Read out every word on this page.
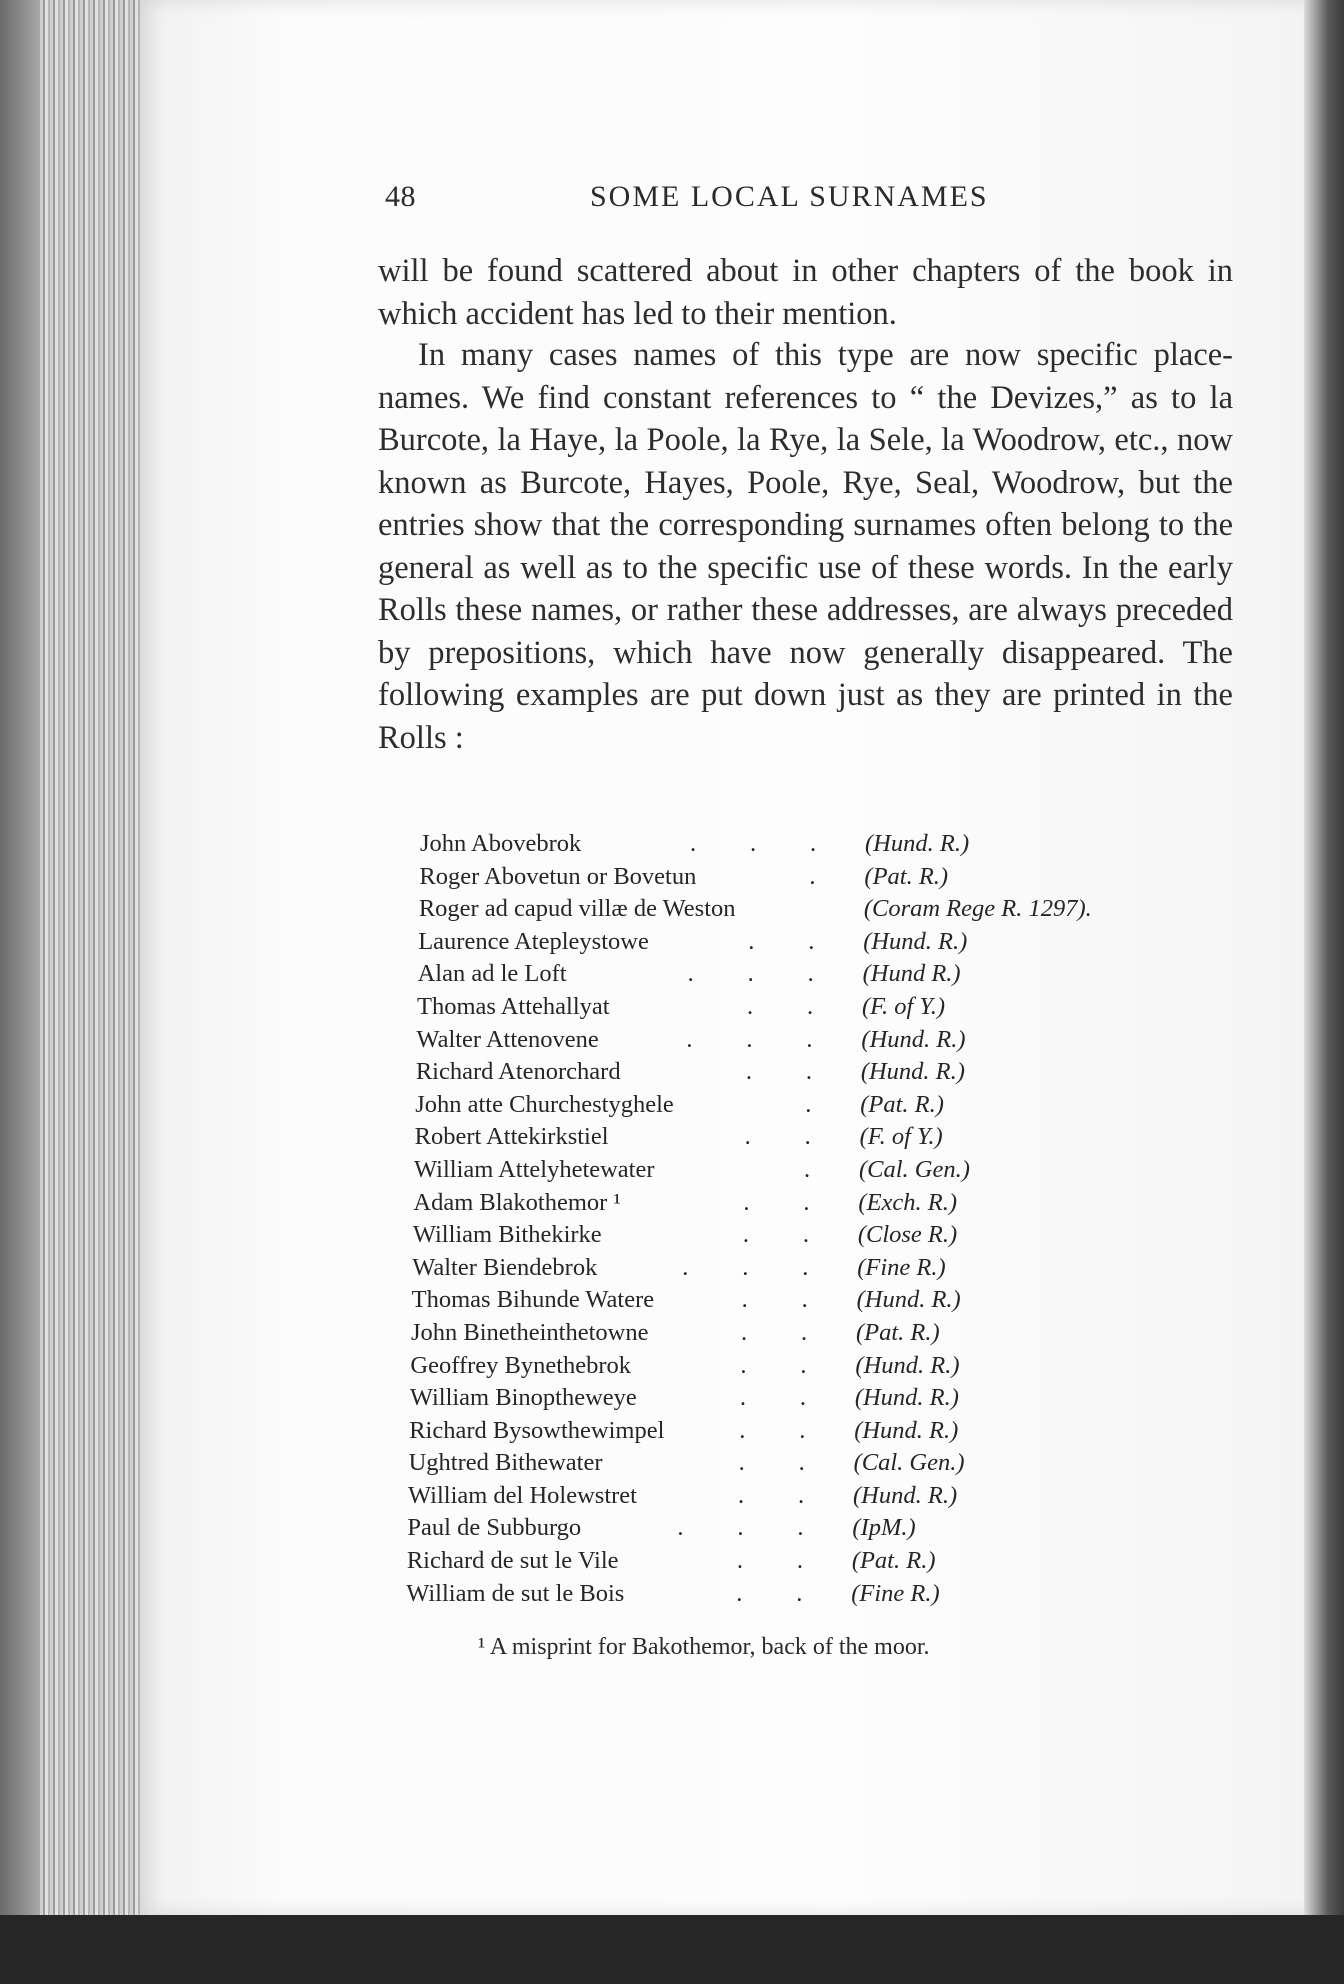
48	SOME LOCAL SURNAMES

will be found scattered about in other chapters of the book in which accident has led to their mention.

In many cases names of this type are now specific place-names. We find constant references to “ the Devizes,” as to la Burcote, la Haye, la Poole, la Rye, la Sele, la Woodrow, etc., now known as Burcote, Hayes, Poole, Rye, Seal, Woodrow, but the entries show that the corresponding surnames often belong to the general as well as to the specific use of these words. In the early Rolls these names, or rather these addresses, are always preceded by prepositions, which have now generally disappeared. The following examples are put down just as they are printed in the Rolls :

John Abovebrok	. . . (Hund. R.)
Roger Abovetun or Bovetun	. (Pat. R.)
Roger ad capud villæ de Weston	(Coram Rege R. 1297).
Laurence Atepleystowe	. . (Hund. R.)
Alan ad le Loft	. . . (Hund R.)
Thomas Attehallyat	. . (F. of Y.)
Walter Attenovene	. . . (Hund. R.)
Richard Atenorchard	. . (Hund. R.)
John atte Churchestyghele	. (Pat. R.)
Robert Attekirkstiel	. . (F. of Y.)
William Attelyhetewater	. (Cal. Gen.)
Adam Blakothemor ¹	. . (Exch. R.)
William Bithekirke	. . (Close R.)
Walter Biendebrok	. . . (Fine R.)
Thomas Bihunde Watere	. . (Hund. R.)
John Binetheinthetowne	. . (Pat. R.)
Geoffrey Bynethebrok	. . (Hund. R.)
William Binoptheweye	. . (Hund. R.)
Richard Bysowthewimpel	. . (Hund. R.)
Ughtred Bithewater	. . (Cal. Gen.)
William del Holewstret	. . (Hund. R.)
Paul de Subburgo	. . . (IpM.)
Richard de sut le Vile	. . (Pat. R.)
William de sut le Bois	. . (Fine R.)
¹ A misprint for Bakothemor, back of the moor.
